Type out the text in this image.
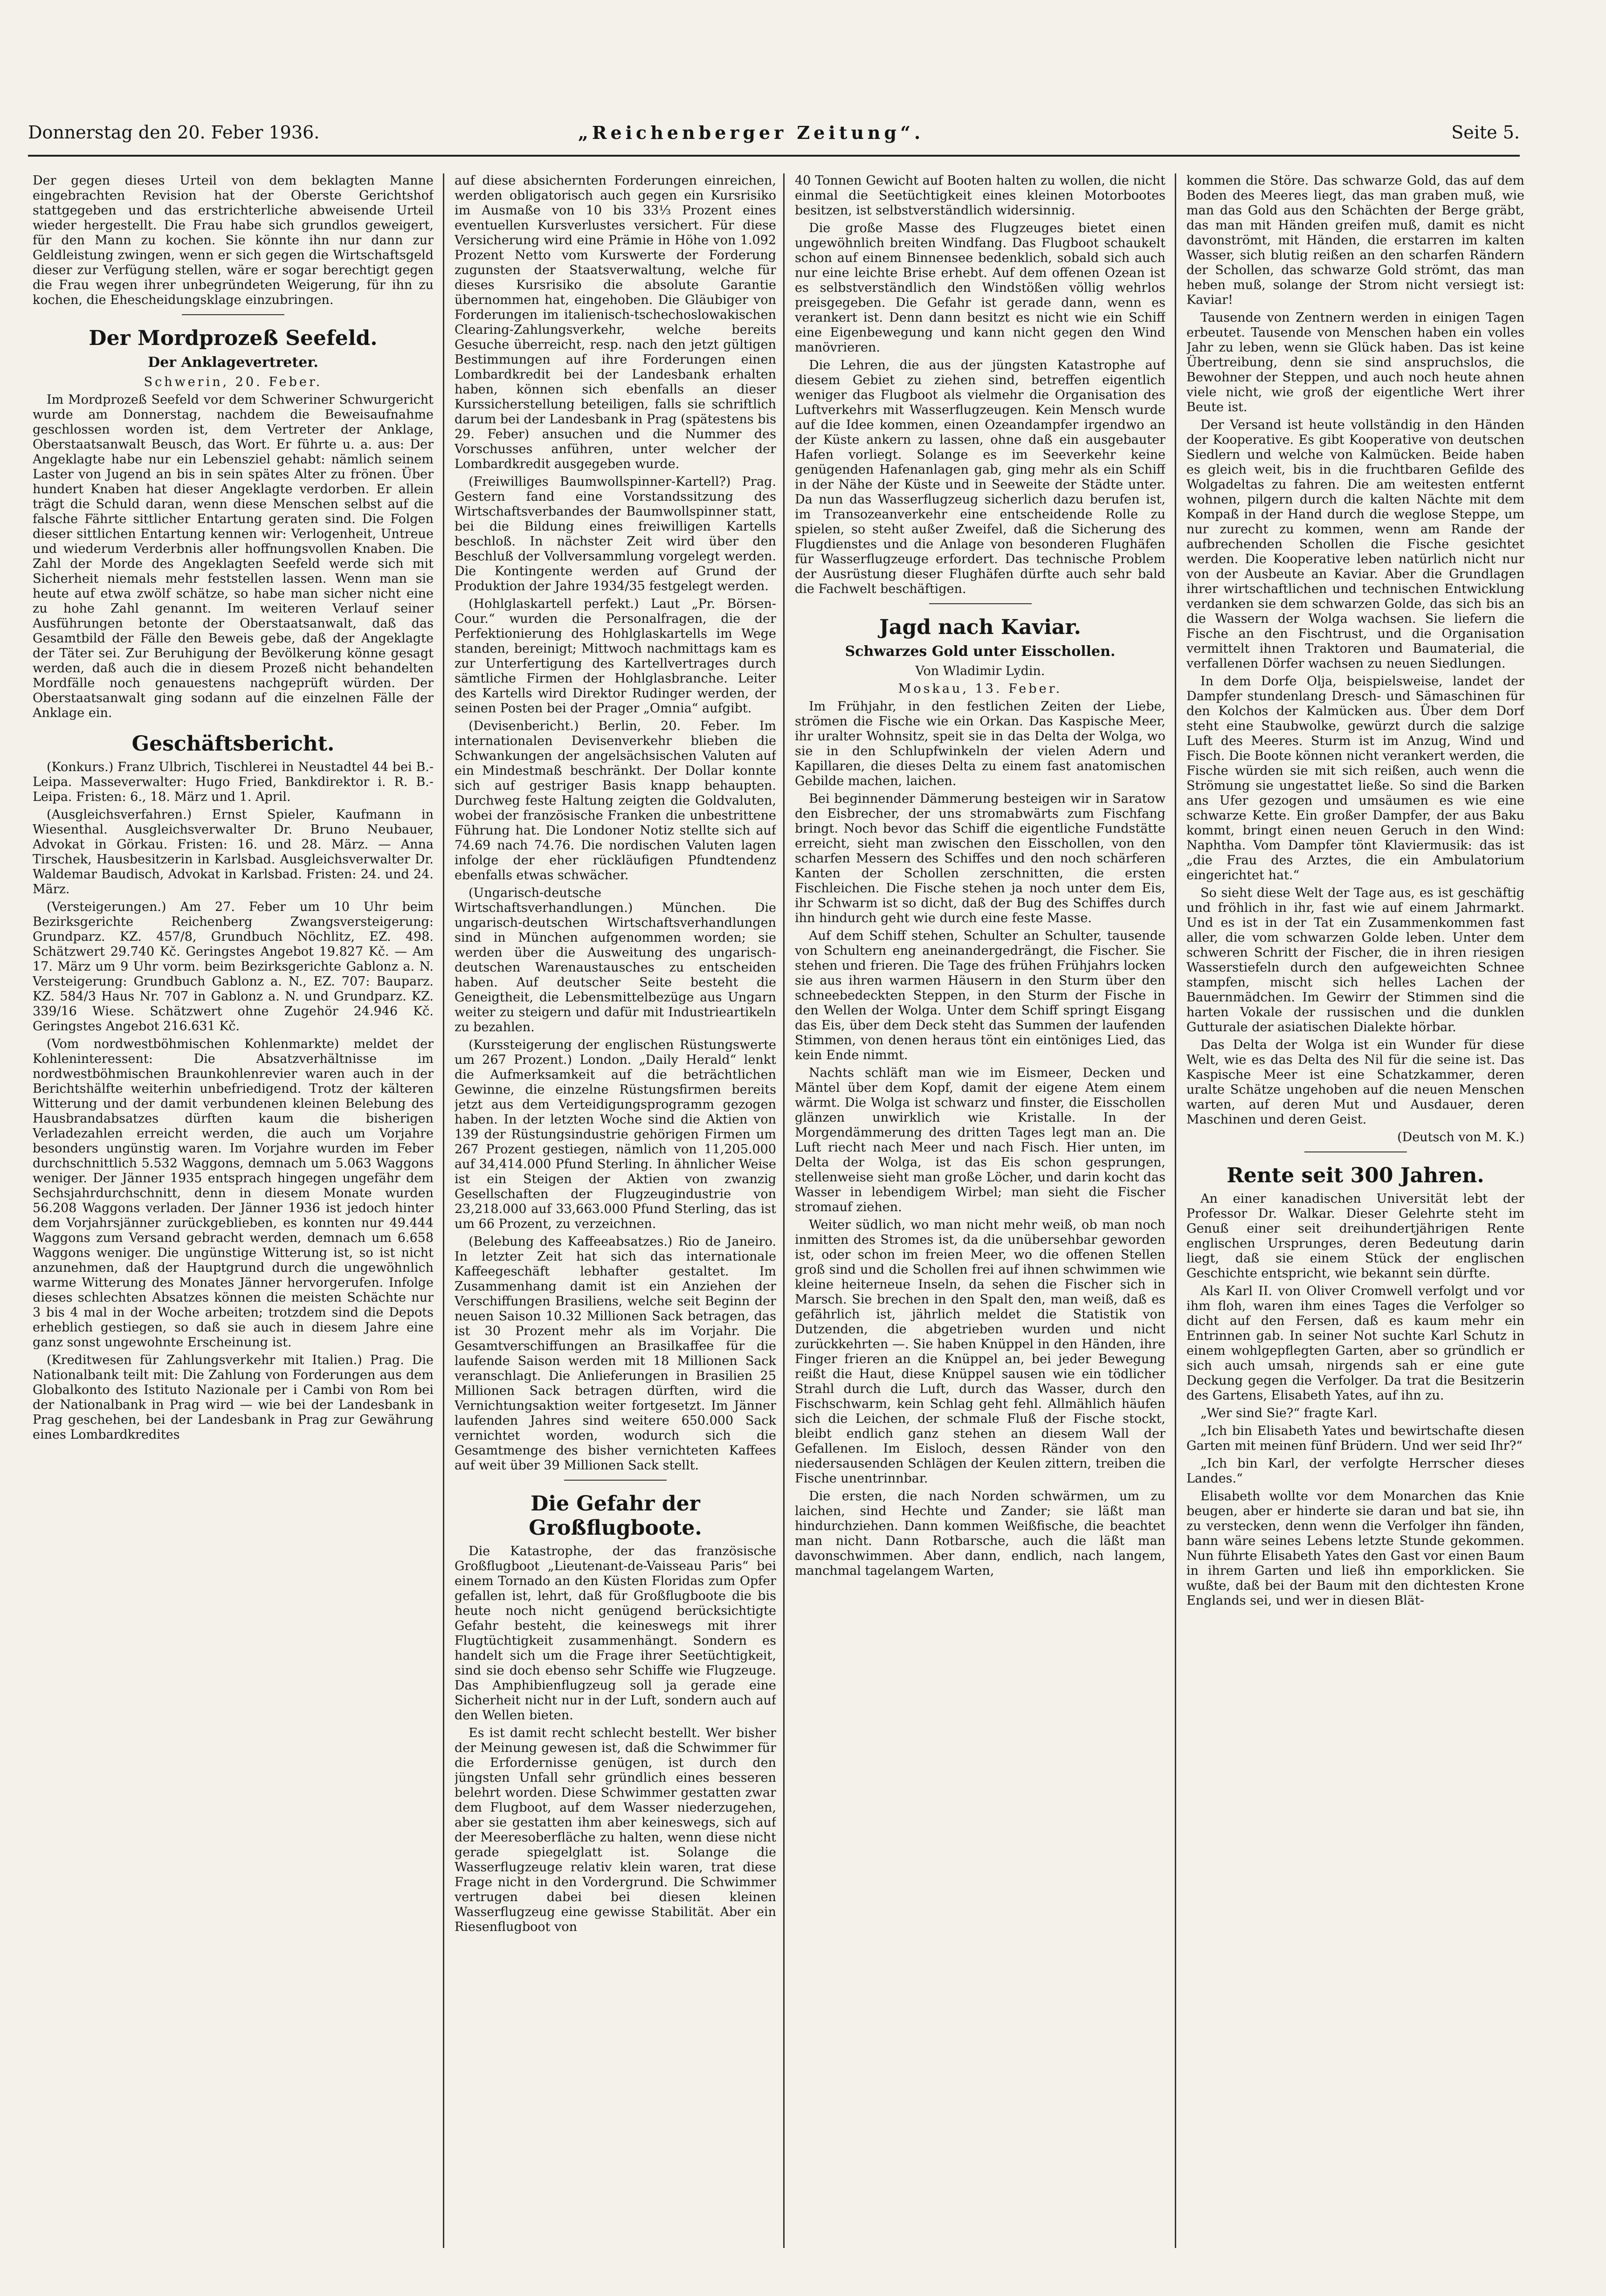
Donnerstag den 20. Feber 1936.	„Reichenberger Zeitung“.	Seite 5.

Der gegen dieses Urteil von dem beklagten Manne eingebrachten Revision hat der Oberste Gerichtshof stattgegeben und das erstrichterliche abweisende Urteil wieder hergestellt. Die Frau habe sich grundlos geweigert, für den Mann zu kochen. Sie könnte ihn nur dann zur Geldleistung zwingen, wenn er sich gegen die Wirtschaftsgeld dieser zur Verfügung stellen, wäre er sogar berechtigt gegen die Frau wegen ihrer unbegründeten Weigerung, für ihn zu kochen, die Ehescheidungsklage einzubringen.

Der Mordprozeß Seefeld.
Der Anklagevertreter.

Schwerin, 20. Feber.

Im Mordprozeß Seefeld vor dem Schweriner Schwurgericht wurde am Donnerstag, nachdem die Beweisaufnahme geschlossen worden ist, dem Vertreter der Anklage, Oberstaatsanwalt Beusch, das Wort. Er führte u. a. aus: Der Angeklagte habe nur ein Lebensziel gehabt: nämlich seinem Laster von Jugend an bis in sein spätes Alter zu frönen. Über hundert Knaben hat dieser Angeklagte verdorben. Er allein trägt die Schuld daran, wenn diese Menschen selbst auf die falsche Fährte sittlicher Entartung geraten sind. Die Folgen dieser sittlichen Entartung kennen wir: Verlogenheit, Untreue und wiederum Verderbnis aller hoffnungsvollen Knaben. Die Zahl der Morde des Angeklagten Seefeld werde sich mit Sicherheit niemals mehr feststellen lassen. Wenn man sie heute auf etwa zwölf schätze, so habe man sicher nicht eine zu hohe Zahl genannt. Im weiteren Verlauf seiner Ausführungen betonte der Oberstaatsanwalt, daß das Gesamtbild der Fälle den Beweis gebe, daß der Angeklagte der Täter sei. Zur Beruhigung der Bevölkerung könne gesagt werden, daß auch die in diesem Prozeß nicht behandelten Mordfälle noch genauestens nachgeprüft würden. Der Oberstaatsanwalt ging sodann auf die einzelnen Fälle der Anklage ein.

Geschäftsbericht.

(Konkurs.) Franz Ulbrich, Tischlerei in Neustadtel 44 bei B.-Leipa. Masseverwalter: Hugo Fried, Bankdirektor i. R. B.-Leipa. Fristen: 6., 18. März und 1. April.

(Ausgleichsverfahren.) Ernst Spieler, Kaufmann in Wiesenthal. Ausgleichsverwalter Dr. Bruno Neubauer, Advokat in Görkau. Fristen: 16. und 28. März. — Anna Tirschek, Hausbesitzerin in Karlsbad. Ausgleichsverwalter Dr. Waldemar Baudisch, Advokat in Karlsbad. Fristen: 24. und 24. März.

(Versteigerungen.) Am 27. Feber um 10 Uhr beim Bezirksgerichte Reichenberg Zwangsversteigerung: Grundparz. KZ. 457/8, Grundbuch Nöchlitz, EZ. 498. Schätzwert 29.740 Kč. Geringstes Angebot 19.827 Kč. — Am 17. März um 9 Uhr vorm. beim Bezirksgerichte Gablonz a. N. Versteigerung: Grundbuch Gablonz a. N., EZ. 707: Bauparz. KZ. 584/3 Haus Nr. 707 in Gablonz a. N. und Grundparz. KZ. 339/16 Wiese. Schätzwert ohne Zugehör 24.946 Kč. Geringstes Angebot 216.631 Kč.

(Vom nordwestböhmischen Kohlenmarkte) meldet der Kohleninteressent: Die Absatzverhältnisse im nordwestböhmischen Braunkohlenrevier waren auch in der Berichtshälfte weiterhin unbefriedigend. Trotz der kälteren Witterung und der damit verbundenen kleinen Belebung des Hausbrandabsatzes dürften kaum die bisherigen Verladezahlen erreicht werden, die auch um Vorjahre besonders ungünstig waren. Im Vorjahre wurden im Feber durchschnittlich 5.532 Waggons, demnach um 5.063 Waggons weniger. Der Jänner 1935 entsprach hingegen ungefähr dem Sechsjahrdurchschnitt, denn in diesem Monate wurden 56.208 Waggons verladen. Der Jänner 1936 ist jedoch hinter dem Vorjahrsjänner zurückgeblieben, es konnten nur 49.444 Waggons zum Versand gebracht werden, demnach um 6.658 Waggons weniger. Die ungünstige Witterung ist, so ist nicht anzunehmen, daß der Hauptgrund durch die ungewöhnlich warme Witterung des Monates Jänner hervorgerufen. Infolge dieses schlechten Absatzes können die meisten Schächte nur 3 bis 4 mal in der Woche arbeiten; trotzdem sind die Depots erheblich gestiegen, so daß sie auch in diesem Jahre eine ganz sonst ungewohnte Erscheinung ist.

(Kreditwesen für Zahlungsverkehr mit Italien.) Prag. Die Nationalbank teilt mit: Die Zahlung von Forderungen aus dem Globalkonto des Istituto Nazionale per i Cambi von Rom bei der Nationalbank in Prag wird — wie bei der Landesbank in Prag geschehen, bei der Landesbank in Prag zur Gewährung eines Lombardkredites

auf diese absichernten Forderungen einreichen, werden obligatorisch auch gegen ein Kursrisiko im Ausmaße von 10 bis 33⅓ Prozent eines eventuellen Kursverlustes versichert. Für diese Versicherung wird eine Prämie in Höhe von 1.092 Prozent Netto vom Kurswerte der Forderung zugunsten der Staatsverwaltung, welche für dieses Kursrisiko die absolute Garantie übernommen hat, eingehoben. Die Gläubiger von Forderungen im italienisch-tschechoslowakischen Clearing-Zahlungsverkehr, welche bereits Gesuche überreicht, resp. nach den jetzt gültigen Bestimmungen auf ihre Forderungen einen Lombardkredit bei der Landesbank erhalten haben, können sich ebenfalls an dieser Kurssicherstellung beteiligen, falls sie schriftlich darum bei der Landesbank in Prag (spätestens bis 29. Feber) ansuchen und die Nummer des Vorschusses anführen, unter welcher der Lombardkredit ausgegeben wurde.

(Freiwilliges Baumwollspinner-Kartell?) Prag. Gestern fand eine Vorstandssitzung des Wirtschaftsverbandes der Baumwollspinner statt, bei die Bildung eines freiwilligen Kartells beschloß. In nächster Zeit wird über den Beschluß der Vollversammlung vorgelegt werden. Die Kontingente werden auf Grund der Produktion der Jahre 1934/35 festgelegt werden.

(Hohlglaskartell perfekt.) Laut „Pr. Börsen-Cour.“ wurden die Personalfragen, die der Perfektionierung des Hohlglaskartells im Wege standen, bereinigt; Mittwoch nachmittags kam es zur Unterfertigung des Kartellvertrages durch sämtliche Firmen der Hohlglasbranche. Leiter des Kartells wird Direktor Rudinger werden, der seinen Posten bei der Prager „Omnia“ aufgibt.

(Devisenbericht.) Berlin, 20. Feber. Im internationalen Devisenverkehr blieben die Schwankungen der angelsächsischen Valuten auf ein Mindestmaß beschränkt. Der Dollar konnte sich auf gestriger Basis knapp behaupten. Durchweg feste Haltung zeigten die Goldvaluten, wobei der französische Franken die unbestrittene Führung hat. Die Londoner Notiz stellte sich auf 74.69 nach 74.76. Die nordischen Valuten lagen infolge der eher rückläufigen Pfundtendenz ebenfalls etwas schwächer.

(Ungarisch-deutsche Wirtschaftsverhandlungen.) München. Die ungarisch-deutschen Wirtschaftsverhandlungen sind in München aufgenommen worden; sie werden über die Ausweitung des ungarisch-deutschen Warenaustausches zu entscheiden haben. Auf deutscher Seite besteht die Geneigtheit, die Lebensmittelbezüge aus Ungarn weiter zu steigern und dafür mit Industrieartikeln zu bezahlen.

(Kurssteigerung der englischen Rüstungswerte um 267 Prozent.) London. „Daily Herald“ lenkt die Aufmerksamkeit auf die beträchtlichen Gewinne, die einzelne Rüstungsfirmen bereits jetzt aus dem Verteidigungsprogramm gezogen haben. In der letzten Woche sind die Aktien von 139 der Rüstungsindustrie gehörigen Firmen um 267 Prozent gestiegen, nämlich von 11,205.000 auf 34,414.000 Pfund Sterling. In ähnlicher Weise ist ein Steigen der Aktien von zwanzig Gesellschaften der Flugzeugindustrie von 23,218.000 auf 33,663.000 Pfund Sterling, das ist um 66 Prozent, zu verzeichnen.

(Belebung des Kaffeeabsatzes.) Rio de Janeiro. In letzter Zeit hat sich das internationale Kaffeegeschäft lebhafter gestaltet. Im Zusammenhang damit ist ein Anziehen der Verschiffungen Brasiliens, welche seit Beginn der neuen Saison 10.32 Millionen Sack betragen, das ist 30 Prozent mehr als im Vorjahr. Die Gesamtverschiffungen an Brasilkaffee für die laufende Saison werden mit 18 Millionen Sack veranschlagt. Die Anlieferungen in Brasilien 25 Millionen Sack betragen dürften, wird die Vernichtungsaktion weiter fortgesetzt. Im Jänner laufenden Jahres sind weitere 650.000 Sack vernichtet worden, wodurch sich die Gesamtmenge des bisher vernichteten Kaffees auf weit über 39 Millionen Sack stellt.

Die Gefahr der Großflugboote.

Die Katastrophe, der das französische Großflugboot „Lieutenant-de-Vaisseau Paris“ bei einem Tornado an den Küsten Floridas zum Opfer gefallen ist, lehrt, daß für Großflugboote die bis heute noch nicht genügend berücksichtigte Gefahr besteht, die keineswegs mit ihrer Flugtüchtigkeit zusammenhängt. Sondern es handelt sich um die Frage ihrer Seetüchtigkeit, sind sie doch ebenso sehr Schiffe wie Flugzeuge. Das Amphibienflugzeug soll ja gerade eine Sicherheit nicht nur in der Luft, sondern auch auf den Wellen bieten.

Es ist damit recht schlecht bestellt. Wer bisher der Meinung gewesen ist, daß die Schwimmer für die Erfordernisse genügen, ist durch den jüngsten Unfall sehr gründlich eines besseren belehrt worden. Diese Schwimmer gestatten zwar dem Flugboot, auf dem Wasser niederzugehen, aber sie gestatten ihm aber keineswegs, sich auf der Meeresoberfläche zu halten, wenn diese nicht gerade spiegelglatt ist. Solange die Wasserflugzeuge relativ klein waren, trat diese Frage nicht in den Vordergrund. Die Schwimmer vertrugen dabei bei diesen kleinen Wasserflugzeug eine gewisse Stabilität. Aber ein Riesenflugboot von

40 Tonnen Gewicht auf Booten halten zu wollen, die nicht einmal die Seetüchtigkeit eines kleinen Motorbootes besitzen, ist selbstverständlich widersinnig.

Die große Masse des Flugzeuges bietet einen ungewöhnlich breiten Windfang. Das Flugboot schaukelt schon auf einem Binnensee bedenklich, sobald sich auch nur eine leichte Brise erhebt. Auf dem offenen Ozean ist es selbstverständlich den Windstößen völlig wehrlos preisgegeben. Die Gefahr ist gerade dann, wenn es verankert ist. Denn dann besitzt es nicht wie ein Schiff eine Eigenbewegung und kann nicht gegen den Wind manövrieren.

Die Lehren, die aus der jüngsten Katastrophe auf diesem Gebiet zu ziehen sind, betreffen eigentlich weniger das Flugboot als vielmehr die Organisation des Luftverkehrs mit Wasserflugzeugen. Kein Mensch wurde auf die Idee kommen, einen Ozeandampfer irgendwo an der Küste ankern zu lassen, ohne daß ein ausgebauter Hafen vorliegt. Solange es im Seeverkehr keine genügenden Hafenanlagen gab, ging mehr als ein Schiff in der Nähe der Küste und in Seeweite der Städte unter. Da nun das Wasserflugzeug sicherlich dazu berufen ist, im Transozeanverkehr eine entscheidende Rolle zu spielen, so steht außer Zweifel, daß die Sicherung des Flugdienstes und die Anlage von besonderen Flughäfen für Wasserflugzeuge erfordert. Das technische Problem der Ausrüstung dieser Flughäfen dürfte auch sehr bald die Fachwelt beschäftigen.

Jagd nach Kaviar.
Schwarzes Gold unter Eisschollen.

Von Wladimir Lydin.

Moskau, 13. Feber.

Im Frühjahr, in den festlichen Zeiten der Liebe, strömen die Fische wie ein Orkan. Das Kaspische Meer, ihr uralter Wohnsitz, speit sie in das Delta der Wolga, wo sie in den Schlupfwinkeln der vielen Adern und Kapillaren, die dieses Delta zu einem fast anatomischen Gebilde machen, laichen.

Bei beginnender Dämmerung besteigen wir in Saratow den Eisbrecher, der uns stromabwärts zum Fischfang bringt. Noch bevor das Schiff die eigentliche Fundstätte erreicht, sieht man zwischen den Eisschollen, von den scharfen Messern des Schiffes und den noch schärferen Kanten der Schollen zerschnitten, die ersten Fischleichen. Die Fische stehen ja noch unter dem Eis, ihr Schwarm ist so dicht, daß der Bug des Schiffes durch ihn hindurch geht wie durch eine feste Masse.

Auf dem Schiff stehen, Schulter an Schulter, tausende von Schultern eng aneinandergedrängt, die Fischer. Sie stehen und frieren. Die Tage des frühen Frühjahrs locken sie aus ihren warmen Häusern in den Sturm über den schneebedeckten Steppen, in den Sturm der Fische in den Wellen der Wolga. Unter dem Schiff springt Eisgang das Eis, über dem Deck steht das Summen der laufenden Stimmen, von denen heraus tönt ein eintöniges Lied, das kein Ende nimmt.

Nachts schläft man wie im Eismeer, Decken und Mäntel über dem Kopf, damit der eigene Atem einem wärmt. Die Wolga ist schwarz und finster, die Eisschollen glänzen unwirklich wie Kristalle. In der Morgendämmerung des dritten Tages legt man an. Die Luft riecht nach Meer und nach Fisch. Hier unten, im Delta der Wolga, ist das Eis schon gesprungen, stellenweise sieht man große Löcher, und darin kocht das Wasser in lebendigem Wirbel; man sieht die Fischer stromauf ziehen.

Weiter südlich, wo man nicht mehr weiß, ob man noch inmitten des Stromes ist, da die unübersehbar geworden ist, oder schon im freien Meer, wo die offenen Stellen groß sind und die Schollen frei auf ihnen schwimmen wie kleine heiterneue Inseln, da sehen die Fischer sich in Marsch. Sie brechen in den Spalt den, man weiß, daß es gefährlich ist, jährlich meldet die Statistik von Dutzenden, die abgetrieben wurden und nicht zurückkehrten —. Sie haben Knüppel in den Händen, ihre Finger frieren an die Knüppel an, bei jeder Bewegung reißt die Haut, diese Knüppel sausen wie ein tödlicher Strahl durch die Luft, durch das Wasser, durch den Fischschwarm, kein Schlag geht fehl. Allmählich häufen sich die Leichen, der schmale Fluß der Fische stockt, bleibt endlich ganz stehen an diesem Wall der Gefallenen. Im Eisloch, dessen Ränder von den niedersausenden Schlägen der Keulen zittern, treiben die Fische unentrinnbar.

Die ersten, die nach Norden schwärmen, um zu laichen, sind Hechte und Zander; sie läßt man hindurchziehen. Dann kommen Weißfische, die beachtet man nicht. Dann Rotbarsche, auch die läßt man davonschwimmen. Aber dann, endlich, nach langem, manchmal tagelangem Warten,

kommen die Störe. Das schwarze Gold, das auf dem Boden des Meeres liegt, das man graben muß, wie man das Gold aus den Schächten der Berge gräbt, das man mit Händen greifen muß, damit es nicht davonströmt, mit Händen, die erstarren im kalten Wasser, sich blutig reißen an den scharfen Rändern der Schollen, das schwarze Gold strömt, das man heben muß, solange der Strom nicht versiegt ist: Kaviar!

Tausende von Zentnern werden in einigen Tagen erbeutet. Tausende von Menschen haben ein volles Jahr zu leben, wenn sie Glück haben. Das ist keine Übertreibung, denn sie sind anspruchslos, die Bewohner der Steppen, und auch noch heute ahnen viele nicht, wie groß der eigentliche Wert ihrer Beute ist.

Der Versand ist heute vollständig in den Händen der Kooperative. Es gibt Kooperative von deutschen Siedlern und welche von Kalmücken. Beide haben es gleich weit, bis in die fruchtbaren Gefilde des Wolgadeltas zu fahren. Die am weitesten entfernt wohnen, pilgern durch die kalten Nächte mit dem Kompaß in der Hand durch die weglose Steppe, um nur zurecht zu kommen, wenn am Rande der aufbrechenden Schollen die Fische gesichtet werden. Die Kooperative leben natürlich nicht nur von der Ausbeute an Kaviar. Aber die Grundlagen ihrer wirtschaftlichen und technischen Entwicklung verdanken sie dem schwarzen Golde, das sich bis an die Wassern der Wolga wachsen. Sie liefern die Fische an den Fischtrust, und die Organisation vermittelt ihnen Traktoren und Baumaterial, die verfallenen Dörfer wachsen zu neuen Siedlungen.

In dem Dorfe Olja, beispielsweise, landet der Dampfer stundenlang Dresch- und Sämaschinen für den Kolchos der Kalmücken aus. Über dem Dorf steht eine Staubwolke, gewürzt durch die salzige Luft des Meeres. Sturm ist im Anzug, Wind und Fisch. Die Boote können nicht verankert werden, die Fische würden sie mit sich reißen, auch wenn die Strömung sie ungestattet ließe. So sind die Barken ans Ufer gezogen und umsäumen es wie eine schwarze Kette. Ein großer Dampfer, der aus Baku kommt, bringt einen neuen Geruch in den Wind: Naphtha. Vom Dampfer tönt Klaviermusik: das ist „die Frau des Arztes, die ein Ambulatorium eingerichtet hat.“

So sieht diese Welt der Tage aus, es ist geschäftig und fröhlich in ihr, fast wie auf einem Jahrmarkt. Und es ist in der Tat ein Zusammenkommen fast aller, die vom schwarzen Golde leben. Unter dem schweren Schritt der Fischer, die in ihren riesigen Wasserstiefeln durch den aufgeweichten Schnee stampfen, mischt sich helles Lachen der Bauernmädchen. Im Gewirr der Stimmen sind die harten Vokale der russischen und die dunklen Gutturale der asiatischen Dialekte hörbar.

Das Delta der Wolga ist ein Wunder für diese Welt, wie es das Delta des Nil für die seine ist. Das Kaspische Meer ist eine Schatzkammer, deren uralte Schätze ungehoben auf die neuen Menschen warten, auf deren Mut und Ausdauer, deren Maschinen und deren Geist.

(Deutsch von M. K.)

Rente seit 300 Jahren.

An einer kanadischen Universität lebt der Professor Dr. Walkar. Dieser Gelehrte steht im Genuß einer seit dreihundertjährigen Rente englischen Ursprunges, deren Bedeutung darin liegt, daß sie einem Stück der englischen Geschichte entspricht, wie bekannt sein dürfte.

Als Karl II. von Oliver Cromwell verfolgt und vor ihm floh, waren ihm eines Tages die Verfolger so dicht auf den Fersen, daß es kaum mehr ein Entrinnen gab. In seiner Not suchte Karl Schutz in einem wohlgepflegten Garten, aber so gründlich er sich auch umsah, nirgends sah er eine gute Deckung gegen die Verfolger. Da trat die Besitzerin des Gartens, Elisabeth Yates, auf ihn zu.

„Wer sind Sie?“ fragte Karl.

„Ich bin Elisabeth Yates und bewirtschafte diesen Garten mit meinen fünf Brüdern. Und wer seid Ihr?“

„Ich bin Karl, der verfolgte Herrscher dieses Landes.“

Elisabeth wollte vor dem Monarchen das Knie beugen, aber er hinderte sie daran und bat sie, ihn zu verstecken, denn wenn die Verfolger ihn fänden, bann wäre seines Lebens letzte Stunde gekommen. Nun führte Elisabeth Yates den Gast vor einen Baum in ihrem Garten und ließ ihn emporklicken. Sie wußte, daß bei der Baum mit den dichtesten Krone Englands sei, und wer in diesen Blät-
